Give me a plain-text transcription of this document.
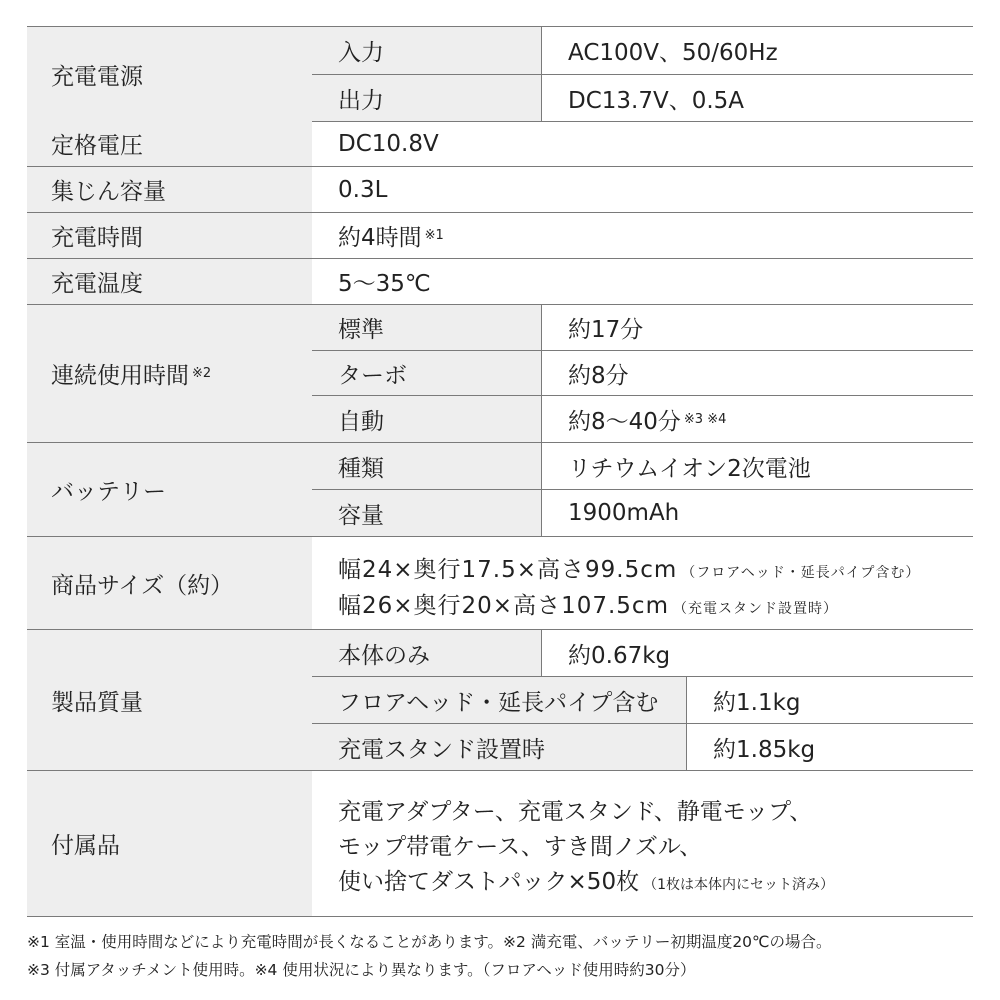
充電電源
入力	AC100V、50/60Hz
出力	DC13.7V、0.5A
定格電圧	DC10.8V
集じん容量	0.3L
充電時間	約4時間 ※1
充電温度	5〜35℃
連続使用時間 ※2
標準	約17分
ターボ	約8分
自動	約8〜40分 ※3 ※4
バッテリー
種類	リチウムイオン2次電池
容量	1900mAh
商品サイズ（約）
幅24×奥行17.5×高さ99.5cm （フロアヘッド・延長パイプ含む）
幅26×奥行20×高さ107.5cm （充電スタンド設置時）
製品質量
本体のみ	約0.67kg
フロアヘッド・延長パイプ含む	約1.1kg
充電スタンド設置時	約1.85kg
付属品
充電アダプター、充電スタンド、静電モップ、
モップ帯電ケース、すき間ノズル、
使い捨てダストパック×50枚 （1枚は本体内にセット済み）
※1 室温・使用時間などにより充電時間が長くなることがあります。※2 満充電、バッテリー初期温度20℃の場合。
※3 付属アタッチメント使用時。※4 使用状況により異なります。（フロアヘッド使用時約30分）
